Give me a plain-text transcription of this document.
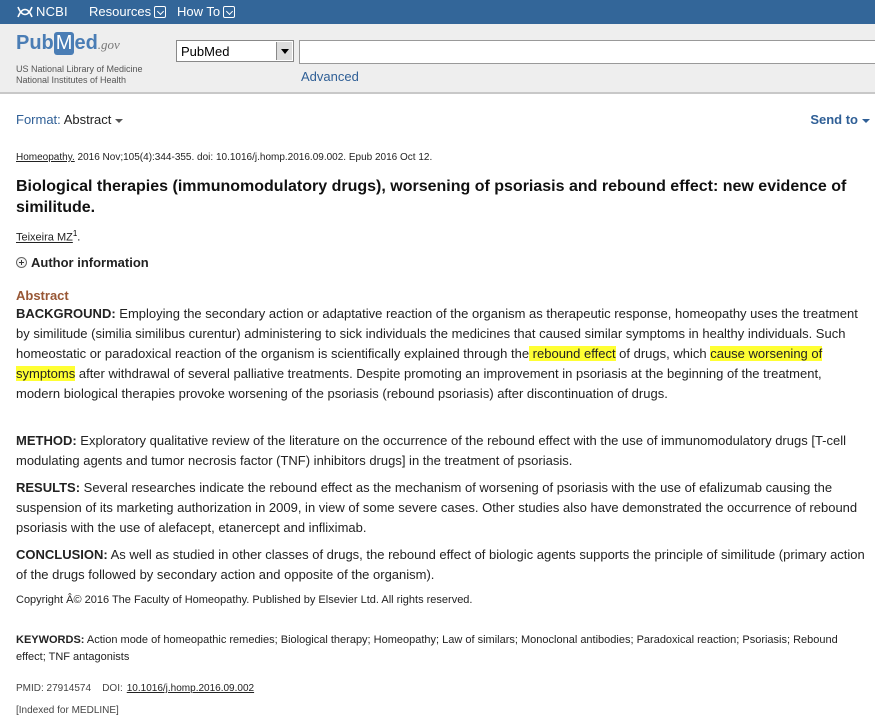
NCBI Resources How To
Pub M ed.gov
US National Library of Medicine
National Institutes of Health
PubMed
Advanced
Format: Abstract	Send to
Homeopathy. 2016 Nov;105(4):344-355. doi: 10.1016/j.homp.2016.09.002. Epub 2016 Oct 12.
Biological therapies (immunomodulatory drugs), worsening of psoriasis and rebound effect: new evidence of similitude.
Teixeira $MZ^1$.
Author information
Abstract

BACKGROUND: Employing the secondary action or adaptative reaction of the organism as therapeutic response, homeopathy uses the treatment by similitude (similia similibus curentur) administering to sick individuals the medicines that caused similar symptoms in healthy individuals. Such homeostatic or paradoxical reaction of the organism is scientifically explained through the rebound effect of drugs, which cause worsening of symptoms after withdrawal of several palliative treatments. Despite promoting an improvement in psoriasis at the beginning of the treatment, modern biological therapies provoke worsening of the psoriasis (rebound psoriasis) after discontinuation of drugs.

METHOD: Exploratory qualitative review of the literature on the occurrence of the rebound effect with the use of immunomodulatory drugs [T-cell modulating agents and tumor necrosis factor (TNF) inhibitors drugs] in the treatment of psoriasis.

RESULTS: Several researches indicate the rebound effect as the mechanism of worsening of psoriasis with the use of efalizumab causing the suspension of its marketing authorization in 2009, in view of some severe cases. Other studies also have demonstrated the occurrence of rebound psoriasis with the use of alefacept, etanercept and infliximab.

CONCLUSION: As well as studied in other classes of drugs, the rebound effect of biologic agents supports the principle of similitude (primary action of the drugs followed by secondary action and opposite of the organism).

Copyright Â© 2016 The Faculty of Homeopathy. Published by Elsevier Ltd. All rights reserved.
KEYWORDS: Action mode of homeopathic remedies; Biological therapy; Homeopathy; Law of similars; Monoclonal antibodies; Paradoxical reaction; Psoriasis; Rebound effect; TNF antagonists
PMID: 27914574 DOI: 10.1016/j.homp.2016.09.002
[Indexed for MEDLINE]
